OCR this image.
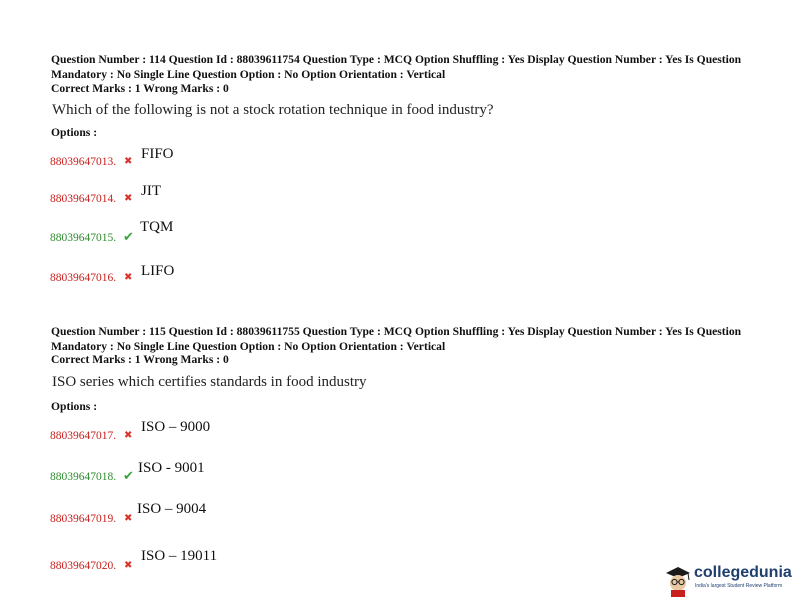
Question Number : 114 Question Id : 88039611754 Question Type : MCQ Option Shuffling : Yes Display Question Number : Yes Is Question Mandatory : No Single Line Question Option : No Option Orientation : Vertical
Correct Marks : 1 Wrong Marks : 0
Which of the following is not a stock rotation technique in food industry?
Options :
88039647013. ✖ FIFO
88039647014. ✖ JIT
88039647015. ✔
TQM
88039647016. ✖ LIFO
Question Number : 115 Question Id : 88039611755 Question Type : MCQ Option Shuffling : Yes Display Question Number : Yes Is Question Mandatory : No Single Line Question Option : No Option Orientation : Vertical
Correct Marks : 1 Wrong Marks : 0
ISO series which certifies standards in food industry
Options :
88039647017. ✖
ISO – 9000
88039647018. ✔
ISO - 9001
88039647019. ✖
ISO – 9004
88039647020. ✖
ISO – 19011
collegedunia
India's largest Student Review Platform
